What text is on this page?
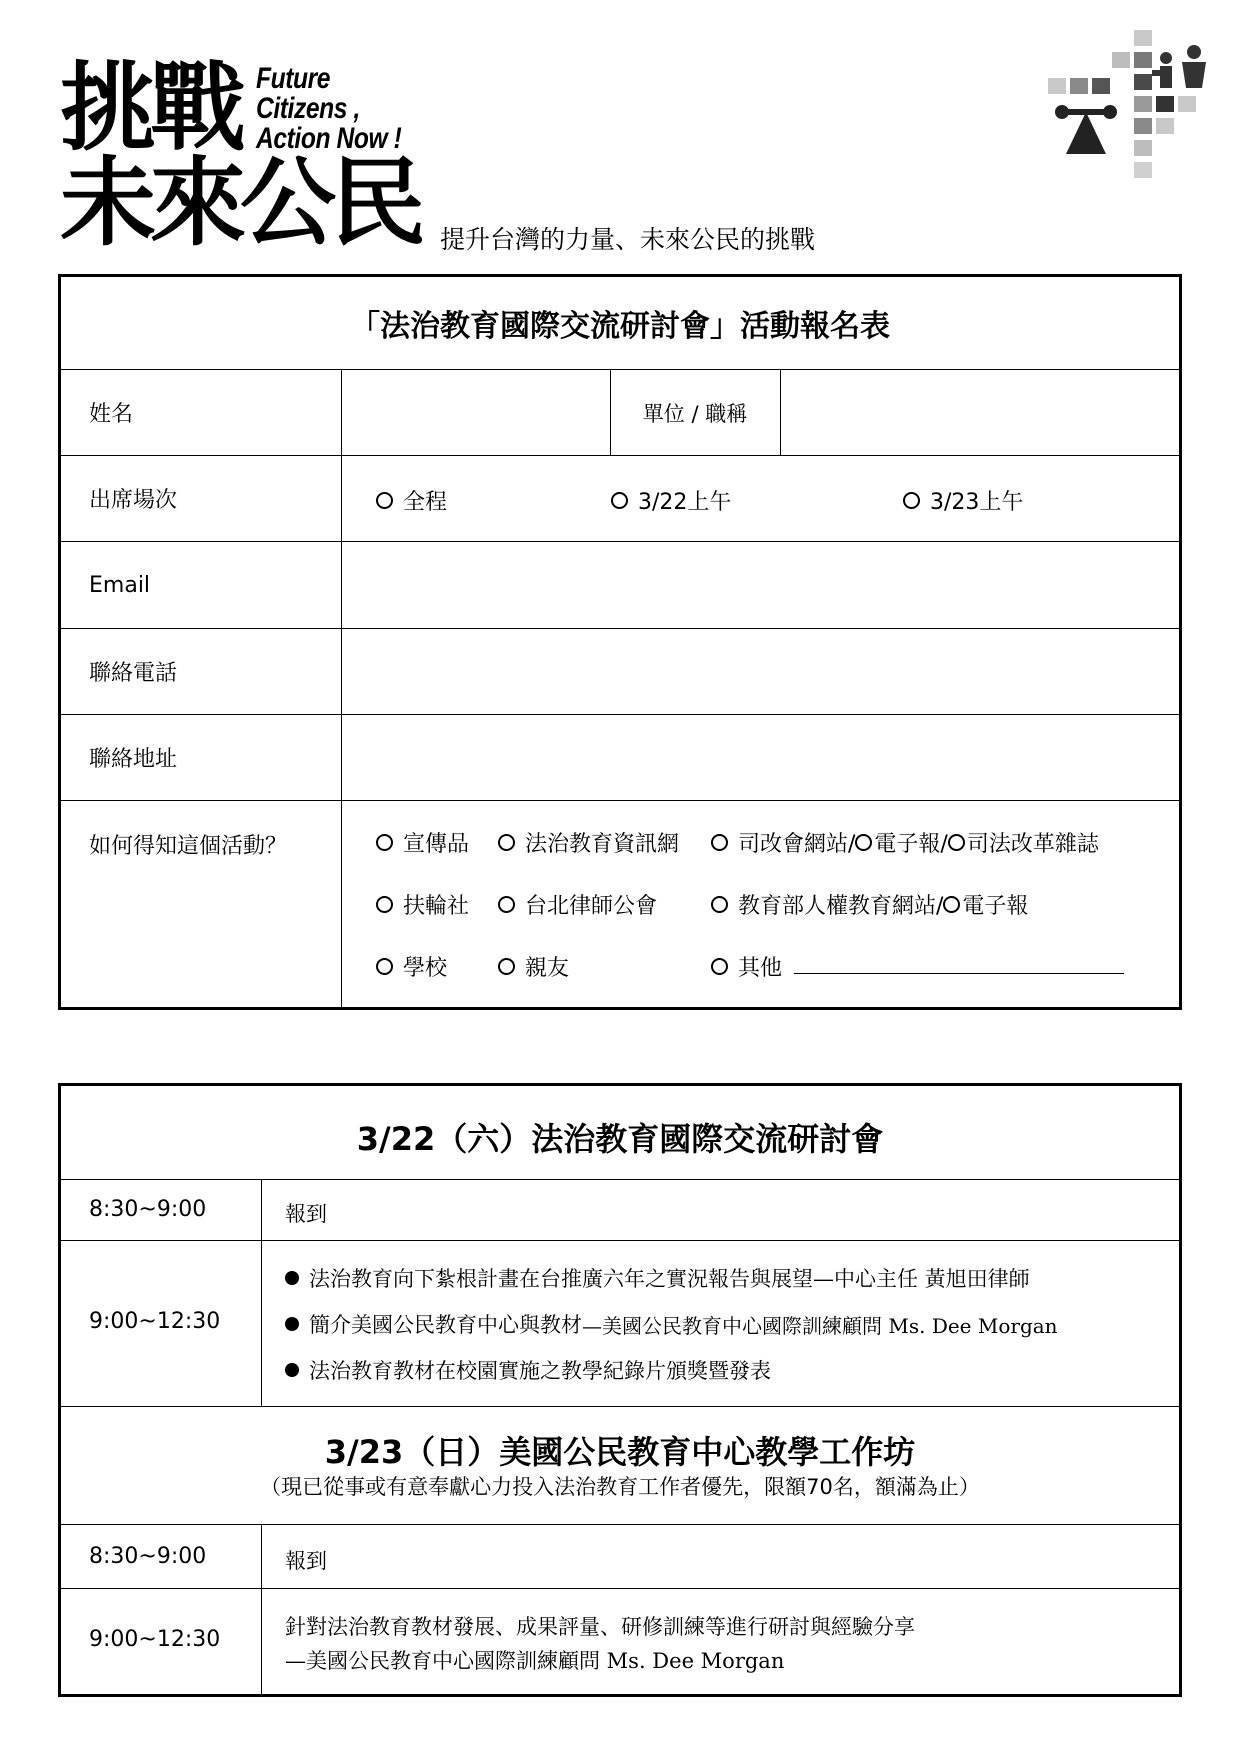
挑戰
未來公民
Future
Citizens ,
Action Now !
提升台灣的力量、未來公民的挑戰
「法治教育國際交流研討會」活動報名表
姓名	單位 / 職稱
出席場次	全程	3/22上午	3/23上午
Email
聯絡電話
聯絡地址
如何得知這個活動？	宣傳品	法治教育資訊網	司改會網站/ 電子報/ 司法改革雜誌
扶輪社	台北律師公會	教育部人權教育網站/ 電子報
學校	親友	其他
3/22（六）法治教育國際交流研討會
8:30~9:00	報到
9:00~12:30
法治教育向下紮根計畫在台推廣六年之實況報告與展望 —中心主任 黃旭田律師
簡介美國公民教育中心與教材 —美國公民教育中心國際訓練顧問 Ms. Dee Morgan
法治教育教材在校園實施之教學紀錄片頒獎暨發表
3/23（日）美國公民教育中心教學工作坊
（現已從事或有意奉獻心力投入法治教育工作者優先，限額70名，額滿為止）
8:30~9:00	報到
9:00~12:30	針對法治教育教材發展、成果評量、研修訓練等進行研討與經驗分享
—美國公民教育中心國際訓練顧問 Ms. Dee Morgan
